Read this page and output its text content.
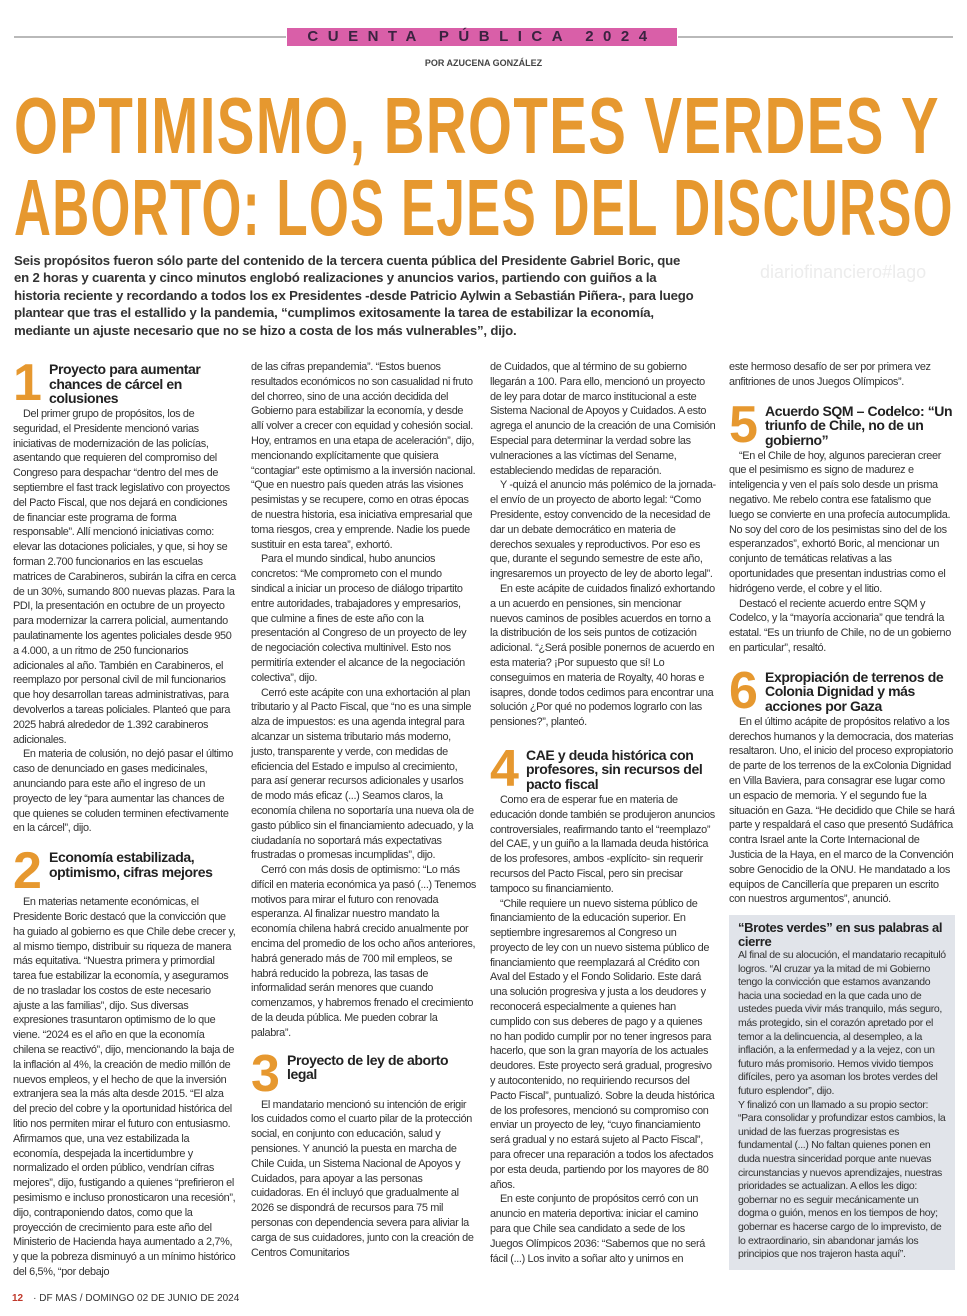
CUENTA PÚBLICA 2024
POR AZUCENA GONZÁLEZ
OPTIMISMO, BROTES VERDES Y
ABORTO: LOS EJES DEL DISCURSO
Seis propósitos fueron sólo parte del contenido de la tercera cuenta pública del Presidente Gabriel Boric, que en 2 horas y cuarenta y cinco minutos englobó realizaciones y anuncios varios, partiendo con guiños a la historia reciente y recordando a todos los ex Presidentes -desde Patricio Aylwin a Sebastián Piñera-, para luego plantear que tras el estallido y la pandemia, “cumplimos exitosamente la tarea de estabilizar la economía, mediante un ajuste necesario que no se hizo a costa de los más vulnerables”, dijo.
diariofinanciero#lago
1 Proyecto para aumentar chances de cárcel en colusiones

Del primer grupo de propósitos, los de seguridad, el Presidente mencionó varias iniciativas de modernización de las policías, asentando que requieren del compromiso del Congreso para despachar “dentro del mes de septiembre el fast track legislativo con proyectos del Pacto Fiscal, que nos dejará en condiciones de financiar este programa de forma responsable”. Allí mencionó iniciativas como: elevar las dotaciones policiales, y que, si hoy se forman 2.700 funcionarios en las escuelas matrices de Carabineros, subirán la cifra en cerca de un 30%, sumando 800 nuevas plazas. Para la PDI, la presentación en octubre de un proyecto para modernizar la carrera policial, aumentando paulatinamente los agentes policiales desde 950 a 4.000, a un ritmo de 250 funcionarios adicionales al año. También en Carabineros, el reemplazo por personal civil de mil funcionarios que hoy desarrollan tareas administrativas, para devolverlos a tareas policiales. Planteó que para 2025 habrá alrededor de 1.392 carabineros adicionales.

En materia de colusión, no dejó pasar el último caso de denunciado en gases medicinales, anunciando para este año el ingreso de un proyecto de ley “para aumentar las chances de que quienes se coluden terminen efectivamente en la cárcel”, dijo.

2 Economía estabilizada, optimismo, cifras mejores

En materias netamente económicas, el Presidente Boric destacó que la convicción que ha guiado al gobierno es que Chile debe crecer y, al mismo tiempo, distribuir su riqueza de manera más equitativa. “Nuestra primera y primordial tarea fue estabilizar la economía, y aseguramos de no trasladar los costos de este necesario ajuste a las familias”, dijo. Sus diversas expresiones trasuntaron optimismo de lo que viene. “2024 es el año en que la economía chilena se reactivó”, dijo, mencionando la baja de la inflación al 4%, la creación de medio millón de nuevos empleos, y el hecho de que la inversión extranjera sea la más alta desde 2015. “El alza del precio del cobre y la oportunidad histórica del litio nos permiten mirar el futuro con entusiasmo. Afirmamos que, una vez estabilizada la economía, despejada la incertidumbre y normalizado el orden público, vendrían cifras mejores”, dijo, fustigando a quienes “prefirieron el pesimismo e incluso pronosticaron una recesión”, dijo, contraponiendo datos, como que la proyección de crecimiento para este año del Ministerio de Hacienda haya aumentado a 2,7%, y que la pobreza disminuyó a un mínimo histórico del 6,5%, “por debajo

de las cifras prepandemia”. “Estos buenos resultados económicos no son casualidad ni fruto del chorreo, sino de una acción decidida del Gobierno para estabilizar la economía, y desde allí volver a crecer con equidad y cohesión social. Hoy, entramos en una etapa de aceleración”, dijo, mencionando explícitamente que quisiera “contagiar” este optimismo a la inversión nacional. “Que en nuestro país queden atrás las visiones pesimistas y se recupere, como en otras épocas de nuestra historia, esa iniciativa empresarial que toma riesgos, crea y emprende. Nadie los puede sustituir en esta tarea”, exhortó.

Para el mundo sindical, hubo anuncios concretos: “Me comprometo con el mundo sindical a iniciar un proceso de diálogo tripartito entre autoridades, trabajadores y empresarios, que culmine a fines de este año con la presentación al Congreso de un proyecto de ley de negociación colectiva multinivel. Esto nos permitiría extender el alcance de la negociación colectiva”, dijo.

Cerró este acápite con una exhortación al plan tributario y al Pacto Fiscal, que “no es una simple alza de impuestos: es una agenda integral para alcanzar un sistema tributario más moderno, justo, transparente y verde, con medidas de eficiencia del Estado e impulso al crecimiento, para así generar recursos adicionales y usarlos de modo más eficaz (...) Seamos claros, la economía chilena no soportaría una nueva ola de gasto público sin el financiamiento adecuado, y la ciudadanía no soportará más expectativas frustradas o promesas incumplidas”, dijo.

Cerró con más dosis de optimismo: “Lo más difícil en materia económica ya pasó (...) Tenemos motivos para mirar el futuro con renovada esperanza. Al finalizar nuestro mandato la economía chilena habrá crecido anualmente por encima del promedio de los ocho años anteriores, habrá generado más de 700 mil empleos, se habrá reducido la pobreza, las tasas de informalidad serán menores que cuando comenzamos, y habremos frenado el crecimiento de la deuda pública. Me pueden cobrar la palabra”.

3 Proyecto de ley de aborto legal

El mandatario mencionó su intención de erigir los cuidados como el cuarto pilar de la protección social, en conjunto con educación, salud y pensiones. Y anunció la puesta en marcha de Chile Cuida, un Sistema Nacional de Apoyos y Cuidados, para apoyar a las personas cuidadoras. En él incluyó que gradualmente al 2026 se dispondrá de recursos para 75 mil personas con dependencia severa para aliviar la carga de sus cuidadores, junto con la creación de Centros Comunitarios

de Cuidados, que al término de su gobierno llegarán a 100. Para ello, mencionó un proyecto de ley para dotar de marco institucional a este Sistema Nacional de Apoyos y Cuidados. A esto agrega el anuncio de la creación de una Comisión Especial para determinar la verdad sobre las vulneraciones a las víctimas del Sename, estableciendo medidas de reparación.

Y -quizá el anuncio más polémico de la jornada- el envío de un proyecto de aborto legal: “Como Presidente, estoy convencido de la necesidad de dar un debate democrático en materia de derechos sexuales y reproductivos. Por eso es que, durante el segundo semestre de este año, ingresaremos un proyecto de ley de aborto legal”.

En este acápite de cuidados finalizó exhortando a un acuerdo en pensiones, sin mencionar nuevos caminos de posibles acuerdos en torno a la distribución de los seis puntos de cotización adicional. “¿Será posible ponernos de acuerdo en esta materia? ¡Por supuesto que sí! Lo conseguimos en materia de Royalty, 40 horas e isapres, donde todos cedimos para encontrar una solución ¿Por qué no podemos lograrlo con las pensiones?”, planteó.

4 CAE y deuda histórica con profesores, sin recursos del pacto fiscal

Como era de esperar fue en materia de educación donde también se produjeron anuncios controversiales, reafirmando tanto el “reemplazo” del CAE, y un guiño a la llamada deuda histórica de los profesores, ambos -explícito- sin requerir recursos del Pacto Fiscal, pero sin precisar tampoco su financiamiento.

“Chile requiere un nuevo sistema público de financiamiento de la educación superior. En septiembre ingresaremos al Congreso un proyecto de ley con un nuevo sistema público de financiamiento que reemplazará al Crédito con Aval del Estado y el Fondo Solidario. Este dará una solución progresiva y justa a los deudores y reconocerá especialmente a quienes han cumplido con sus deberes de pago y a quienes no han podido cumplir por no tener ingresos para hacerlo, que son la gran mayoría de los actuales deudores. Este proyecto será gradual, progresivo y autocontenido, no requiriendo recursos del Pacto Fiscal”, puntualizó. Sobre la deuda histórica de los profesores, mencionó su compromiso con enviar un proyecto de ley, “cuyo financiamiento será gradual y no estará sujeto al Pacto Fiscal”, para ofrecer una reparación a todos los afectados por esta deuda, partiendo por los mayores de 80 años.

En este conjunto de propósitos cerró con un anuncio en materia deportiva: iniciar el camino para que Chile sea candidato a sede de los Juegos Olímpicos 2036: “Sabemos que no será fácil (...) Los invito a soñar alto y unirnos en

este hermoso desafío de ser por primera vez anfitriones de unos Juegos Olímpicos”.

5 Acuerdo SQM – Codelco: “Un triunfo de Chile, no de un gobierno”

“En el Chile de hoy, algunos parecieran creer que el pesimismo es signo de madurez e inteligencia y ven el país solo desde un prisma negativo. Me rebelo contra ese fatalismo que luego se convierte en una profecía autocumplida. No soy del coro de los pesimistas sino del de los esperanzados”, exhortó Boric, al mencionar un conjunto de temáticas relativas a las oportunidades que presentan industrias como el hidrógeno verde, el cobre y el litio.

Destacó el reciente acuerdo entre SQM y Codelco, y la “mayoría accionaria” que tendrá la estatal. “Es un triunfo de Chile, no de un gobierno en particular”, resaltó.

6 Expropiación de terrenos de Colonia Dignidad y más acciones por Gaza

En el último acápite de propósitos relativo a los derechos humanos y la democracia, dos materias resaltaron. Uno, el inicio del proceso expropiatorio de parte de los terrenos de la exColonia Dignidad en Villa Baviera, para consagrar ese lugar como un espacio de memoria. Y el segundo fue la situación en Gaza. “He decidido que Chile se hará parte y respaldará el caso que presentó Sudáfrica contra Israel ante la Corte Internacional de Justicia de la Haya, en el marco de la Convención sobre Genocidio de la ONU. He mandatado a los equipos de Cancillería que preparen un escrito con nuestros argumentos”, anunció.

“Brotes verdes” en sus palabras al cierre

Al final de su alocución, el mandatario recapituló logros. “Al cruzar ya la mitad de mi Gobierno tengo la convicción que estamos avanzando hacia una sociedad en la que cada uno de ustedes pueda vivir más tranquilo, más seguro, más protegido, sin el corazón apretado por el temor a la delincuencia, al desempleo, a la inflación, a la enfermedad y a la vejez, con un futuro más promisorio. Hemos vivido tiempos difíciles, pero ya asoman los brotes verdes del futuro esplendor”, dijo.

Y finalizó con un llamado a su propio sector: “Para consolidar y profundizar estos cambios, la unidad de las fuerzas progresistas es fundamental (...) No faltan quienes ponen en duda nuestra sinceridad porque ante nuevas circunstancias y nuevos aprendizajes, nuestras prioridades se actualizan. A ellos les digo: gobernar no es seguir mecánicamente un dogma o guión, menos en los tiempos de hoy; gobernar es hacerse cargo de lo imprevisto, de lo extraordinario, sin abandonar jamás los principios que nos trajeron hasta aquí”.

12 · DF MAS / DOMINGO 02 DE JUNIO DE 2024
